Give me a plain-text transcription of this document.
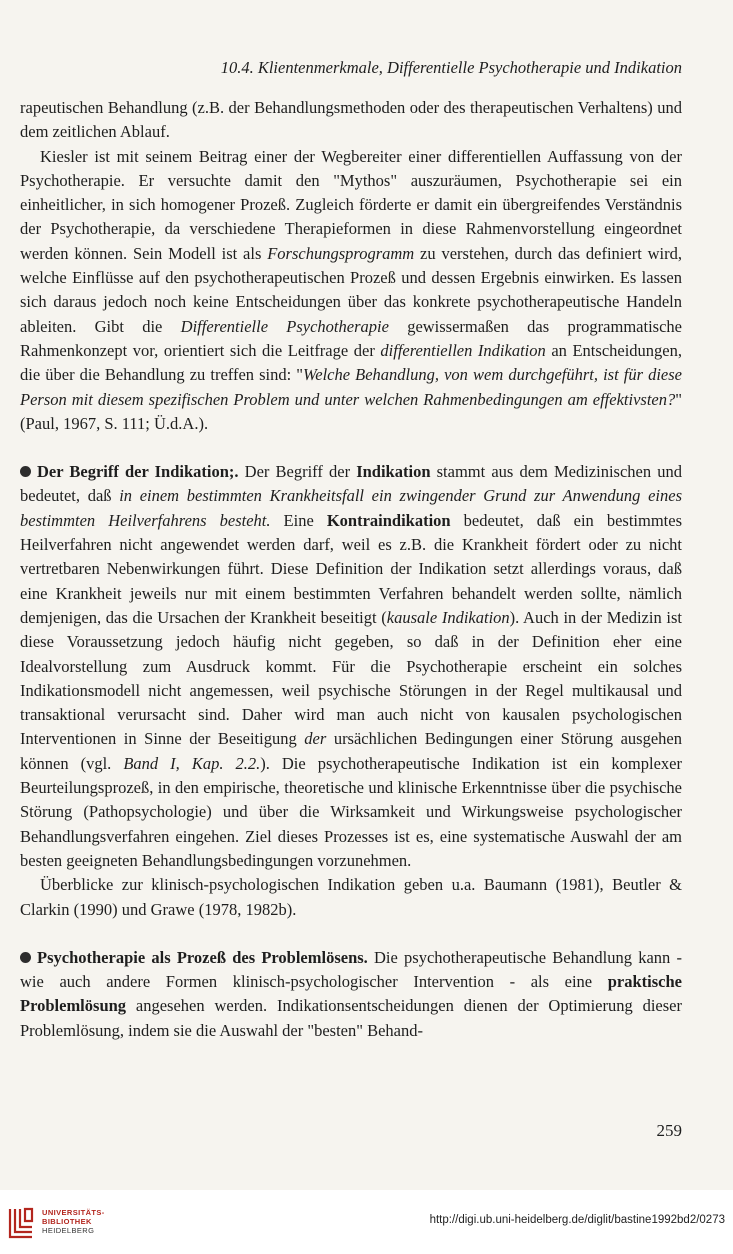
10.4. Klientenmerkmale, Differentielle Psychotherapie und Indikation

rapeutischen Behandlung (z.B. der Behandlungsmethoden oder des therapeutischen Verhaltens) und dem zeitlichen Ablauf.

Kiesler ist mit seinem Beitrag einer der Wegbereiter einer differentiellen Auffassung von der Psychotherapie. Er versuchte damit den "Mythos" auszuräumen, Psychotherapie sei ein einheitlicher, in sich homogener Prozeß. Zugleich förderte er damit ein übergreifendes Verständnis der Psychotherapie, da verschiedene Therapieformen in diese Rahmenvorstellung eingeordnet werden können. Sein Modell ist als Forschungsprogramm zu verstehen, durch das definiert wird, welche Einflüsse auf den psychotherapeutischen Prozeß und dessen Ergebnis einwirken. Es lassen sich daraus jedoch noch keine Entscheidungen über das konkrete psychotherapeutische Handeln ableiten. Gibt die Differentielle Psychotherapie gewissermaßen das programmatische Rahmenkonzept vor, orientiert sich die Leitfrage der differentiellen Indikation an Entscheidungen, die über die Behandlung zu treffen sind: "Welche Behandlung, von wem durchgeführt, ist für diese Person mit diesem spezifischen Problem und unter welchen Rahmenbedingungen am effektivsten?" (Paul, 1967, S. 111; Ü.d.A.).

Der Begriff der Indikation;. Der Begriff der Indikation stammt aus dem Medizinischen und bedeutet, daß in einem bestimmten Krankheitsfall ein zwingender Grund zur Anwendung eines bestimmten Heilverfahrens besteht. Eine Kontraindikation bedeutet, daß ein bestimmtes Heilverfahren nicht angewendet werden darf, weil es z.B. die Krankheit fördert oder zu nicht vertretbaren Nebenwirkungen führt. Diese Definition der Indikation setzt allerdings voraus, daß eine Krankheit jeweils nur mit einem bestimmten Verfahren behandelt werden sollte, nämlich demjenigen, das die Ursachen der Krankheit beseitigt (kausale Indikation). Auch in der Medizin ist diese Voraussetzung jedoch häufig nicht gegeben, so daß in der Definition eher eine Idealvorstellung zum Ausdruck kommt. Für die Psychotherapie erscheint ein solches Indikationsmodell nicht angemessen, weil psychische Störungen in der Regel multikausal und transaktional verursacht sind. Daher wird man auch nicht von kausalen psychologischen Interventionen in Sinne der Beseitigung der ursächlichen Bedingungen einer Störung ausgehen können (vgl. Band I, Kap. 2.2.). Die psychotherapeutische Indikation ist ein komplexer Beurteilungsprozeß, in den empirische, theoretische und klinische Erkenntnisse über die psychische Störung (Pathopsychologie) und über die Wirksamkeit und Wirkungsweise psychologischer Behandlungsverfahren eingehen. Ziel dieses Prozesses ist es, eine systematische Auswahl der am besten geeigneten Behandlungsbedingungen vorzunehmen.

Überblicke zur klinisch-psychologischen Indikation geben u.a. Baumann (1981), Beutler & Clarkin (1990) und Grawe (1978, 1982b).

Psychotherapie als Prozeß des Problemlösens. Die psychotherapeutische Behandlung kann - wie auch andere Formen klinisch-psychologischer Intervention - als eine praktische Problemlösung angesehen werden. Indikationsentscheidungen dienen der Optimierung dieser Problemlösung, indem sie die Auswahl der "besten" Behand-

259
UNIVERSITÄTS-
BIBLIOTHEK
HEIDELBERG
http://digi.ub.uni-heidelberg.de/diglit/bastine1992bd2/0273
